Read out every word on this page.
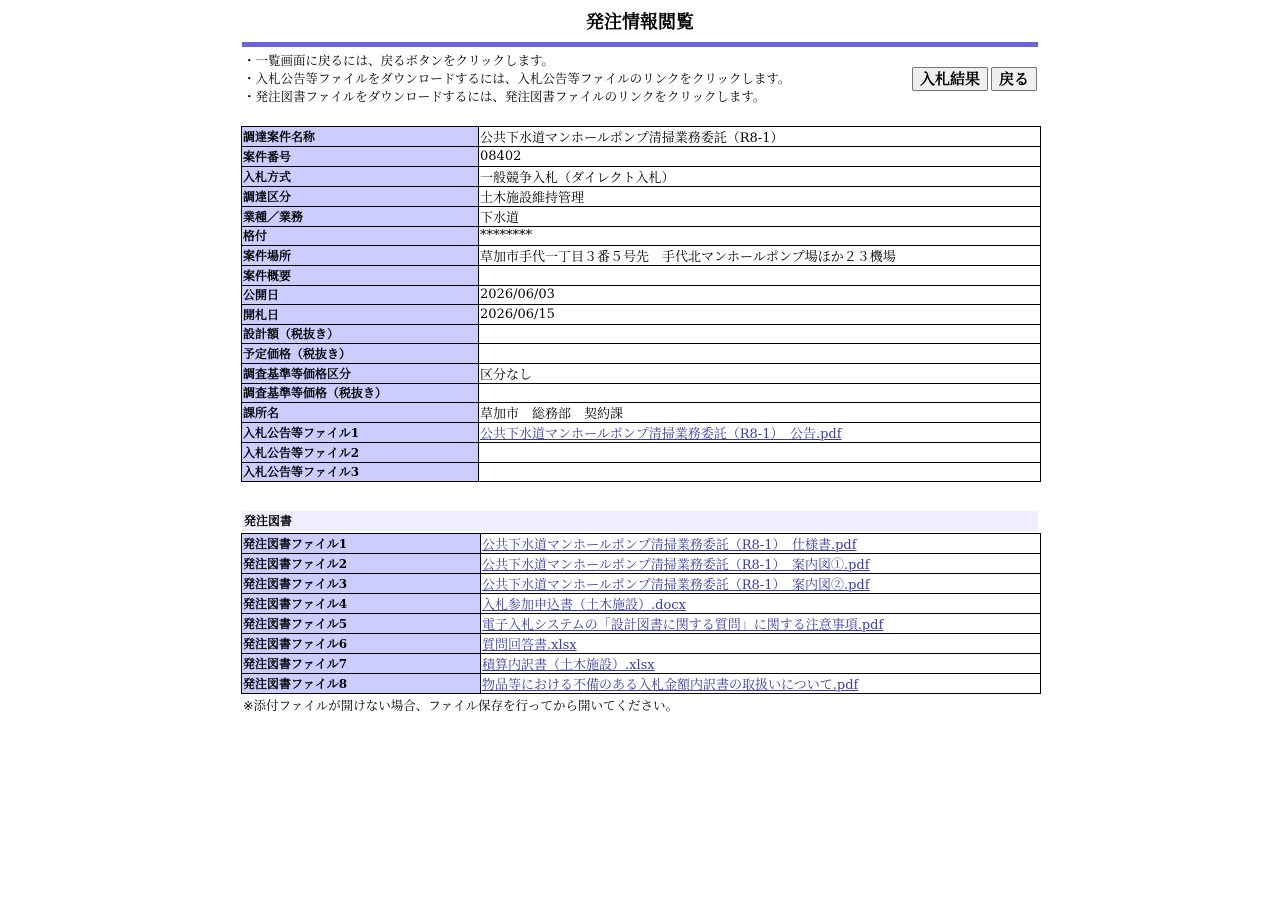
発注情報閲覧
・一覧画面に戻るには、戻るボタンをクリックします。
・入札公告等ファイルをダウンロードするには、入札公告等ファイルのリンクをクリックします。
・発注図書ファイルをダウンロードするには、発注図書ファイルのリンクをクリックします。
入札結果	戻る
調達案件名称	公共下水道マンホールポンプ清掃業務委託（R8-1）
案件番号	08402
入札方式	一般競争入札（ダイレクト入札）
調達区分	土木施設維持管理
業種／業務	下水道
格付	********
案件場所	草加市手代一丁目３番５号先　手代北マンホールポンプ場ほか２３機場
案件概要	
公開日	2026/06/03
開札日	2026/06/15
設計額（税抜き）	
予定価格（税抜き）	
調査基準等価格区分	区分なし
調査基準等価格（税抜き）	
課所名	草加市　総務部　契約課
入札公告等ファイル1	公共下水道マンホールポンプ清掃業務委託（R8-1）　公告.pdf
入札公告等ファイル2	
入札公告等ファイル3	
発注図書
発注図書ファイル1	公共下水道マンホールポンプ清掃業務委託（R8-1）　仕様書.pdf
発注図書ファイル2	公共下水道マンホールポンプ清掃業務委託（R8-1）　案内図①.pdf
発注図書ファイル3	公共下水道マンホールポンプ清掃業務委託（R8-1）　案内図②.pdf
発注図書ファイル4	入札参加申込書（土木施設）.docx
発注図書ファイル5	電子入札システムの「設計図書に関する質問」に関する注意事項.pdf
発注図書ファイル6	質問回答書.xlsx
発注図書ファイル7	積算内訳書（土木施設）.xlsx
発注図書ファイル8	物品等における不備のある入札金額内訳書の取扱いについて.pdf
※添付ファイルが開けない場合、ファイル保存を行ってから開いてください。
